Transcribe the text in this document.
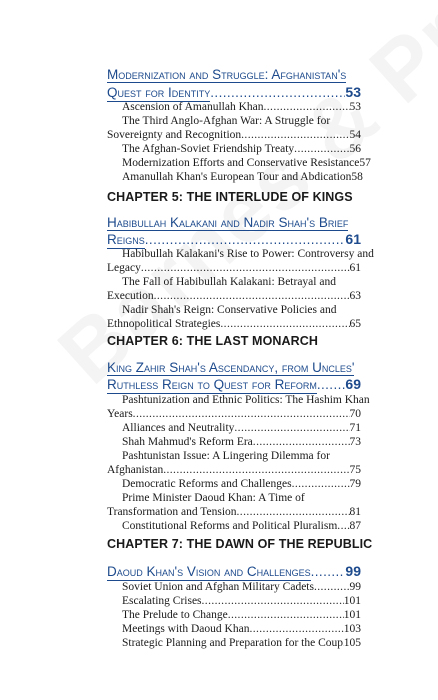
Modernization and Struggle: Afghanistan's
Quest for Identity .....	53
Ascension of Amanullah Khan .....	53
The Third Anglo-Afghan War: A Struggle for
Sovereignty and Recognition .....	54
The Afghan-Soviet Friendship Treaty .....	56
Modernization Efforts and Conservative Resistance 57
Amanullah Khan's European Tour and Abdication 58
CHAPTER 5: THE INTERLUDE OF KINGS
Habibullah Kalakani and Nadir Shah's Brief
Reigns .....	61
Habibullah Kalakani's Rise to Power: Controversy and
Legacy .....	61
The Fall of Habibullah Kalakani: Betrayal and
Execution .....	63
Nadir Shah's Reign: Conservative Policies and
Ethnopolitical Strategies .....	65
CHAPTER 6: THE LAST MONARCH
King Zahir Shah's Ascendancy, from Uncles'
Ruthless Reign to Quest for Reform ..... 69
Pashtunization and Ethnic Politics: The Hashim Khan
Years .....	70
Alliances and Neutrality .....	71
Shah Mahmud's Reform Era .....	73
Pashtunistan Issue: A Lingering Dilemma for
Afghanistan .....	75
Democratic Reforms and Challenges .....	79
Prime Minister Daoud Khan: A Time of
Transformation and Tension .....	81
Constitutional Reforms and Political Pluralism ..... 87
CHAPTER 7: THE DAWN OF THE REPUBLIC
Daoud Khan's Vision and Challenges ..... 99
Soviet Union and Afghan Military Cadets .....	99
Escalating Crises .....	101
The Prelude to Change .....	101
Meetings with Daoud Khan .....	103
Strategic Planning and Preparation for the Coup ..... 105
